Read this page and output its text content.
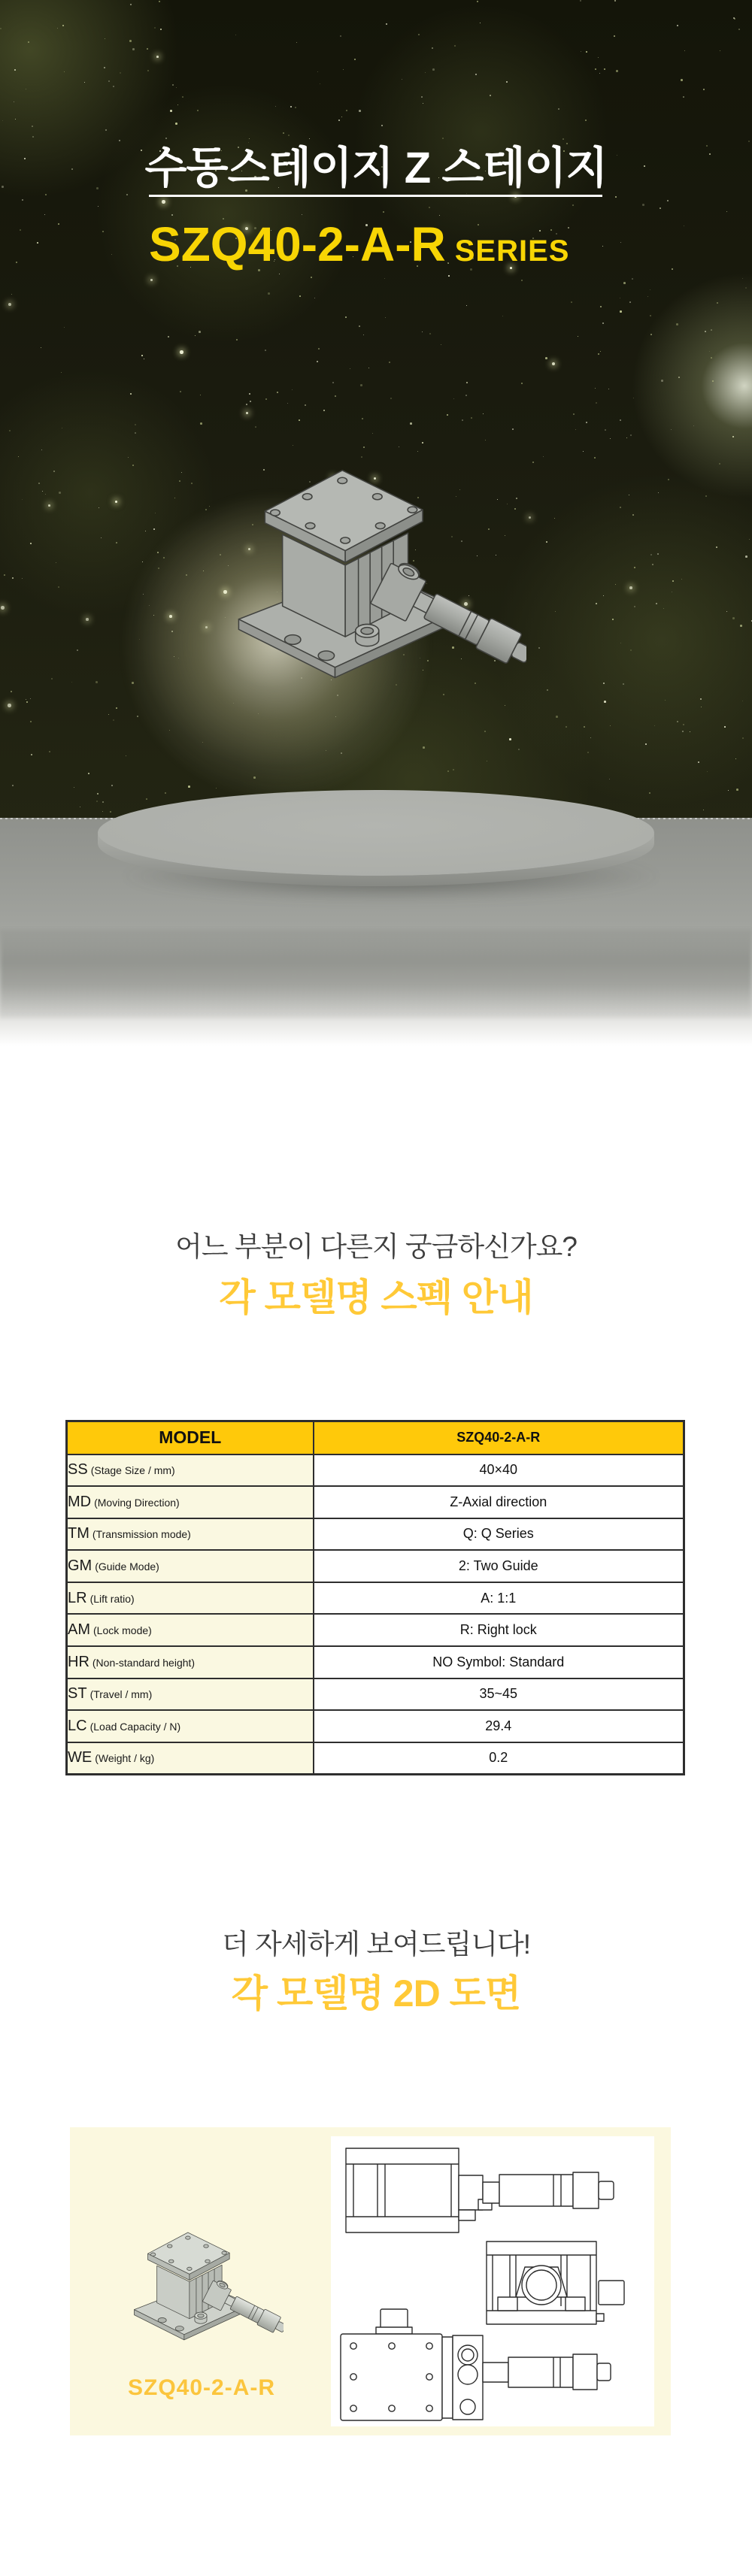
수동스테이지 Z 스테이지
SZQ40-2-A-R SERIES
어느 부분이 다른지 궁금하신가요?
각 모델명 스펙 안내
MODEL	SZQ40-2-A-R
SS (Stage Size / mm)	40×40
MD (Moving Direction)	Z-Axial direction
TM (Transmission mode)	Q: Q Series
GM (Guide Mode)	2: Two Guide
LR (Lift ratio)	A: 1:1
AM (Lock mode)	R: Right lock
HR (Non-standard height)	NO Symbol: Standard
ST (Travel / mm)	35~45
LC (Load Capacity / N)	29.4
WE (Weight / kg)	0.2
더 자세하게 보여드립니다!
각 모델명 2D 도면
SZQ40-2-A-R
